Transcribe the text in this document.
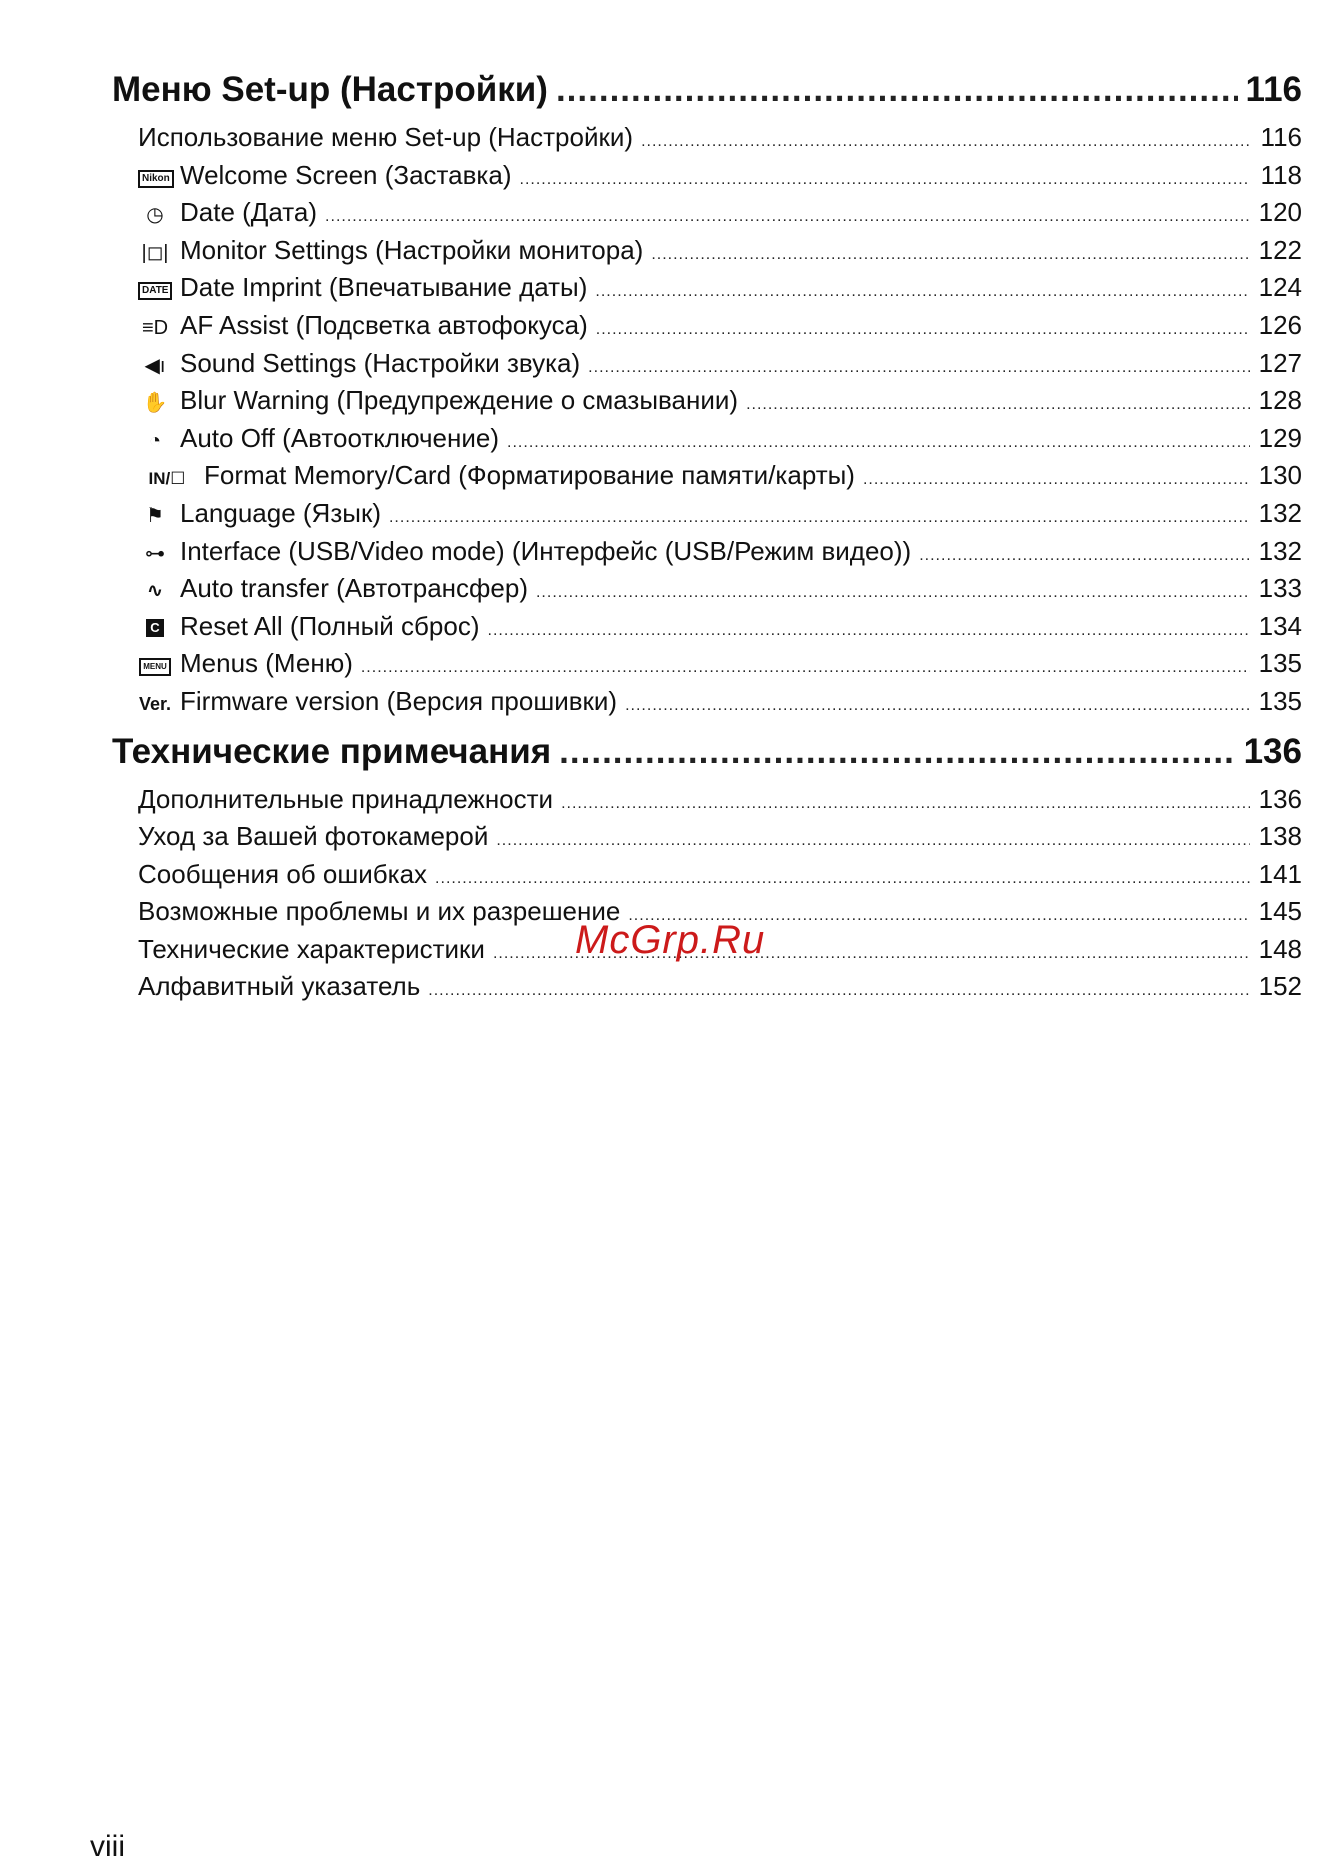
Меню Set-up (Настройки) .....	116
Использование меню Set-up (Настройки) .....	116
Nikon Welcome Screen (Заставка) .....	118
◷ Date (Дата) .....	120
|◻| Monitor Settings (Настройки монитора) .....	122
DATE Date Imprint (Впечатывание даты) .....	124
≡D AF Assist (Подсветка автофокуса) .....	126
◀ı Sound Settings (Настройки звука) .....	127
✋ Blur Warning (Предупреждение о смазывании) .....	128
◔ Auto Off (Автоотключение) .....	129
IN/☐ Format Memory/Card (Форматирование памяти/карты) .....	130
⚑ Language (Язык) .....	132
⊶ Interface (USB/Video mode) (Интерфейс (USB/Режим видео)) .....	132
∿ Auto transfer (Автотрансфер) .....	133
C Reset All (Полный сброс) .....	134
MENU Menus (Меню) .....	135
Ver. Firmware version (Версия прошивки) .....	135
Технические примечания .....	136
Дополнительные принадлежности .....	136
Уход за Вашей фотокамерой .....	138
Сообщения об ошибках .....	141
Возможные проблемы и их разрешение .....	145
Технические характеристики .....	148
Алфавитный указатель .....	152
McGrp.Ru
viii
